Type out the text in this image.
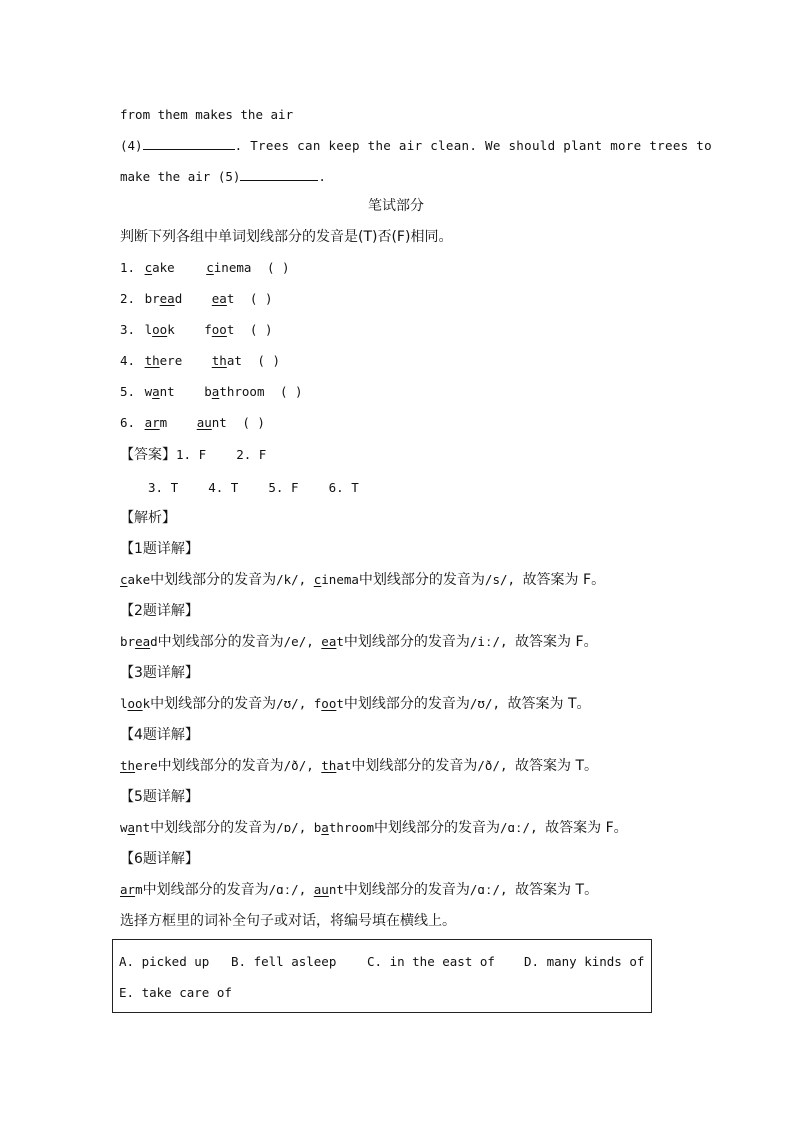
from them makes the air
(4)	. Trees can keep the air clean. We should plant more trees to
make the air (5)	.
笔试部分
判断下列各组中单词划线部分的发音是(T)否(F)相同。
1. cake	cinema ( )
2. bread eat ( )
3. look foot ( )
4. there that ( )
5. want bathroom ( )
6. arm aunt ( )
【答案】1. F    2. F
3. T    4. T    5. F    6. T
【解析】
【1题详解】
cake中划线部分的发音为/k/, cinema中划线部分的发音为/s/, 故答案为 F。
【2题详解】
bread中划线部分的发音为/e/, eat中划线部分的发音为/iː/, 故答案为 F。
【3题详解】
look中划线部分的发音为/ʊ/, foot中划线部分的发音为/ʊ/, 故答案为 T。
【4题详解】
there中划线部分的发音为/ð/, that中划线部分的发音为/ð/, 故答案为 T。
【5题详解】
want中划线部分的发音为/ɒ/, bathroom中划线部分的发音为/ɑː/, 故答案为 F。
【6题详解】
arm中划线部分的发音为/ɑː/, aunt中划线部分的发音为/ɑː/, 故答案为 T。
选择方框里的词补全句子或对话，将编号填在横线上。
A. picked up B. fell asleep C. in the east of D. many kinds of
E. take care of
